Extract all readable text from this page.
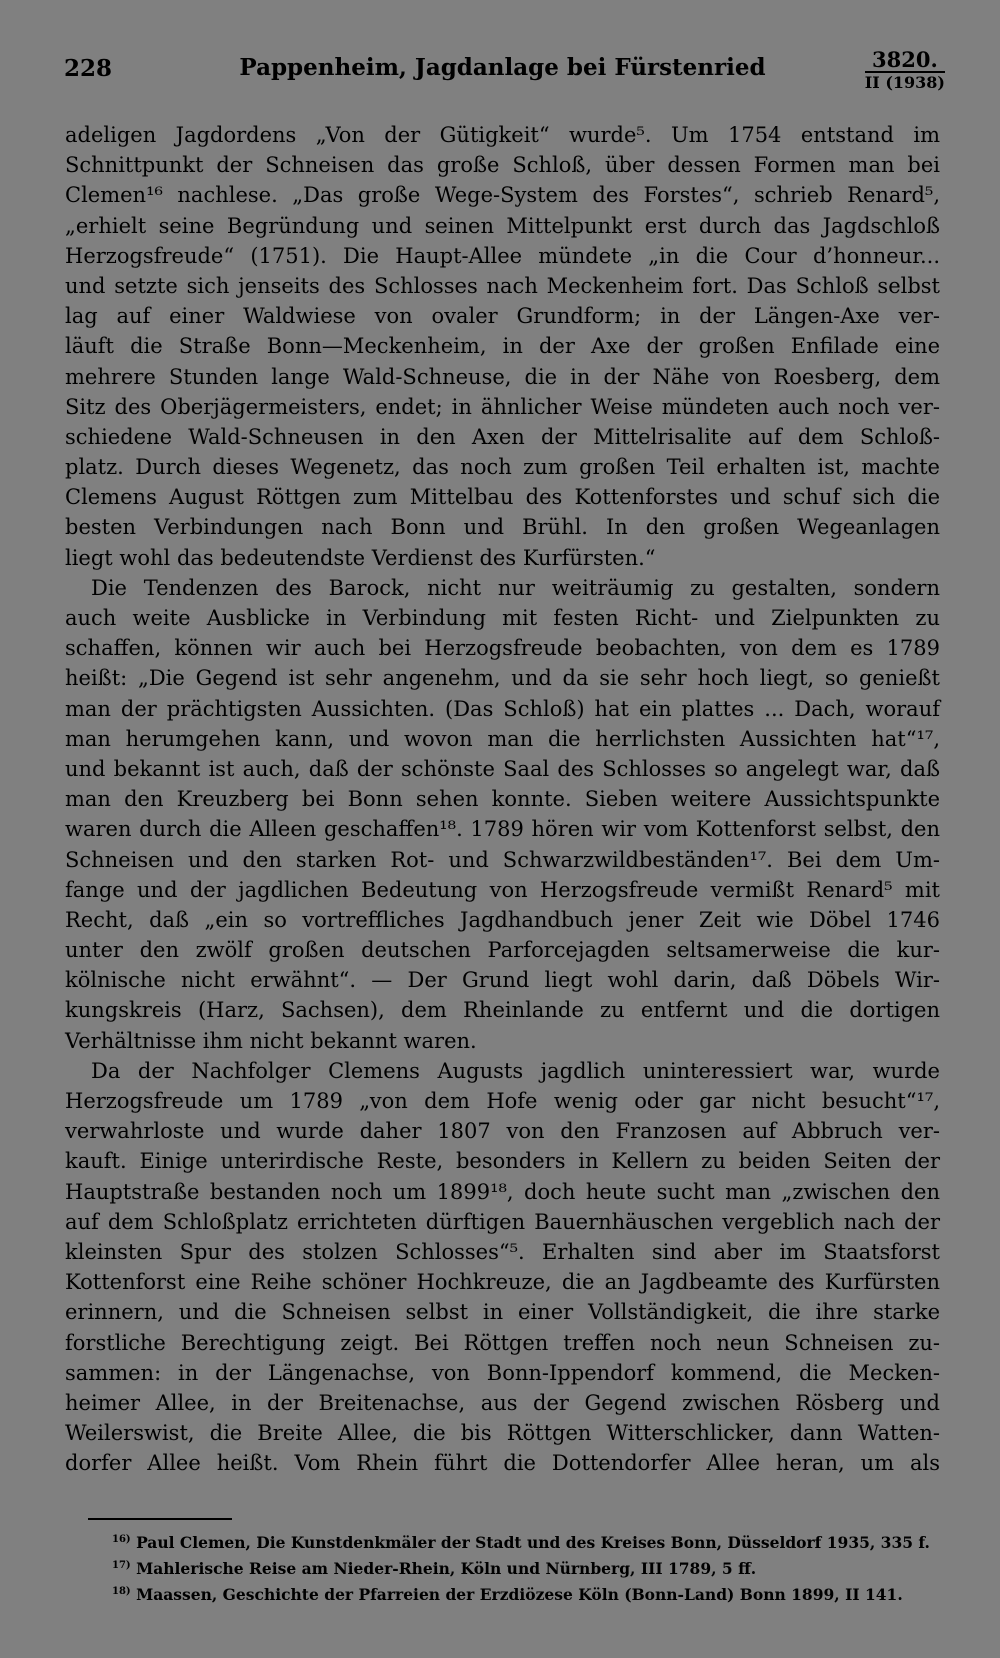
228	Pappenheim, Jagdanlage bei Fürstenried	3820.
II (1938)
adeligen Jagdordens „Von der Gütigkeit“ wurde⁵. Um 1754 entstand im
Schnittpunkt der Schneisen das große Schloß, über dessen Formen man bei
Clemen¹⁶ nachlese. „Das große Wege-System des Forstes“, schrieb Renard⁵,
„erhielt seine Begründung und seinen Mittelpunkt erst durch das Jagdschloß
Herzogsfreude“ (1751). Die Haupt-Allee mündete „in die Cour d’honneur...
und setzte sich jenseits des Schlosses nach Meckenheim fort. Das Schloß selbst
lag auf einer Waldwiese von ovaler Grundform; in der Längen-Axe ver-
läuft die Straße Bonn—Meckenheim, in der Axe der großen Enfilade eine
mehrere Stunden lange Wald-Schneuse, die in der Nähe von Roesberg, dem
Sitz des Oberjägermeisters, endet; in ähnlicher Weise mündeten auch noch ver-
schiedene Wald-Schneusen in den Axen der Mittelrisalite auf dem Schloß-
platz. Durch dieses Wegenetz, das noch zum großen Teil erhalten ist, machte
Clemens August Röttgen zum Mittelbau des Kottenforstes und schuf sich die
besten Verbindungen nach Bonn und Brühl. In den großen Wegeanlagen
liegt wohl das bedeutendste Verdienst des Kurfürsten.“
Die Tendenzen des Barock, nicht nur weiträumig zu gestalten, sondern
auch weite Ausblicke in Verbindung mit festen Richt- und Zielpunkten zu
schaffen, können wir auch bei Herzogsfreude beobachten, von dem es 1789
heißt: „Die Gegend ist sehr angenehm, und da sie sehr hoch liegt, so genießt
man der prächtigsten Aussichten. (Das Schloß) hat ein plattes ... Dach, worauf
man herumgehen kann, und wovon man die herrlichsten Aussichten hat“¹⁷,
und bekannt ist auch, daß der schönste Saal des Schlosses so angelegt war, daß
man den Kreuzberg bei Bonn sehen konnte. Sieben weitere Aussichtspunkte
waren durch die Alleen geschaffen¹⁸. 1789 hören wir vom Kottenforst selbst, den
Schneisen und den starken Rot- und Schwarzwildbeständen¹⁷. Bei dem Um-
fange und der jagdlichen Bedeutung von Herzogsfreude vermißt Renard⁵ mit
Recht, daß „ein so vortreffliches Jagdhandbuch jener Zeit wie Döbel 1746
unter den zwölf großen deutschen Parforcejagden seltsamerweise die kur-
kölnische nicht erwähnt“. — Der Grund liegt wohl darin, daß Döbels Wir-
kungskreis (Harz, Sachsen), dem Rheinlande zu entfernt und die dortigen
Verhältnisse ihm nicht bekannt waren.
Da der Nachfolger Clemens Augusts jagdlich uninteressiert war, wurde
Herzogsfreude um 1789 „von dem Hofe wenig oder gar nicht besucht“¹⁷,
verwahrloste und wurde daher 1807 von den Franzosen auf Abbruch ver-
kauft. Einige unterirdische Reste, besonders in Kellern zu beiden Seiten der
Hauptstraße bestanden noch um 1899¹⁸, doch heute sucht man „zwischen den
auf dem Schloßplatz errichteten dürftigen Bauernhäuschen vergeblich nach der
kleinsten Spur des stolzen Schlosses“⁵. Erhalten sind aber im Staatsforst
Kottenforst eine Reihe schöner Hochkreuze, die an Jagdbeamte des Kurfürsten
erinnern, und die Schneisen selbst in einer Vollständigkeit, die ihre starke
forstliche Berechtigung zeigt. Bei Röttgen treffen noch neun Schneisen zu-
sammen: in der Längenachse, von Bonn-Ippendorf kommend, die Mecken-
heimer Allee, in der Breitenachse, aus der Gegend zwischen Rösberg und
Weilerswist, die Breite Allee, die bis Röttgen Witterschlicker, dann Watten-
dorfer Allee heißt. Vom Rhein führt die Dottendorfer Allee heran, um als
$^{16)}$ Paul Clemen, Die Kunstdenkmäler der Stadt und des Kreises Bonn, Düsseldorf 1935, 335 f.
$^{17)}$ Mahlerische Reise am Nieder-Rhein, Köln und Nürnberg, III 1789, 5 ff.
$^{18)}$ Maassen, Geschichte der Pfarreien der Erzdiözese Köln (Bonn-Land) Bonn 1899, II 141.
